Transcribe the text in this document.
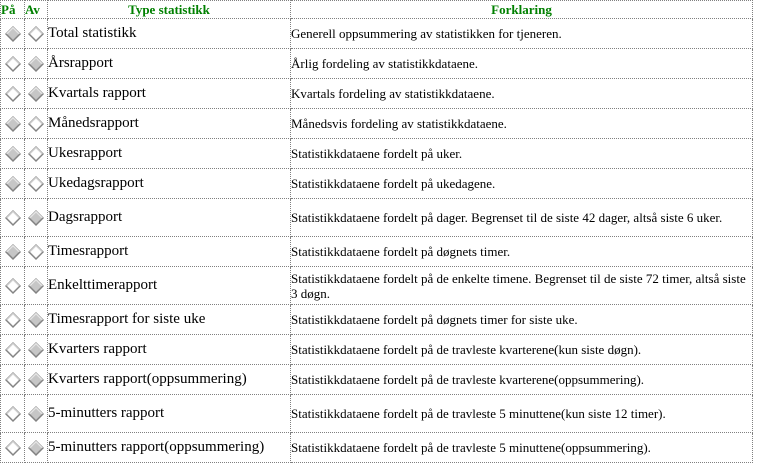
På	Av	Type statistikk	Forklaring

	Total statistikk	Generell oppsummering av statistikken for tjeneren.

	Årsrapport	Årlig fordeling av statistikkdataene.

	Kvartals rapport	Kvartals fordeling av statistikkdataene.

	Månedsrapport	Månedsvis fordeling av statistikkdataene.

	Ukesrapport	Statistikkdataene fordelt på uker.

	Ukedagsrapport	Statistikkdataene fordelt på ukedagene.

	Dagsrapport	Statistikkdataene fordelt på dager. Begrenset til de siste 42 dager, altså siste 6 uker.

	Timesrapport	Statistikkdataene fordelt på døgnets timer.

	Enkelttimerapport	Statistikkdataene fordelt på de enkelte timene. Begrenset til de siste 72 timer, altså siste 3 døgn.

	Timesrapport for siste uke	Statistikkdataene fordelt på døgnets timer for siste uke.

	Kvarters rapport	Statistikkdataene fordelt på de travleste kvarterene(kun siste døgn).

	Kvarters rapport(oppsummering)	Statistikkdataene fordelt på de travleste kvarterene(oppsummering).

	5-minutters rapport	Statistikkdataene fordelt på de travleste 5 minuttene(kun siste 12 timer).

	5-minutters rapport(oppsummering)	Statistikkdataene fordelt på de travleste 5 minuttene(oppsummering).
